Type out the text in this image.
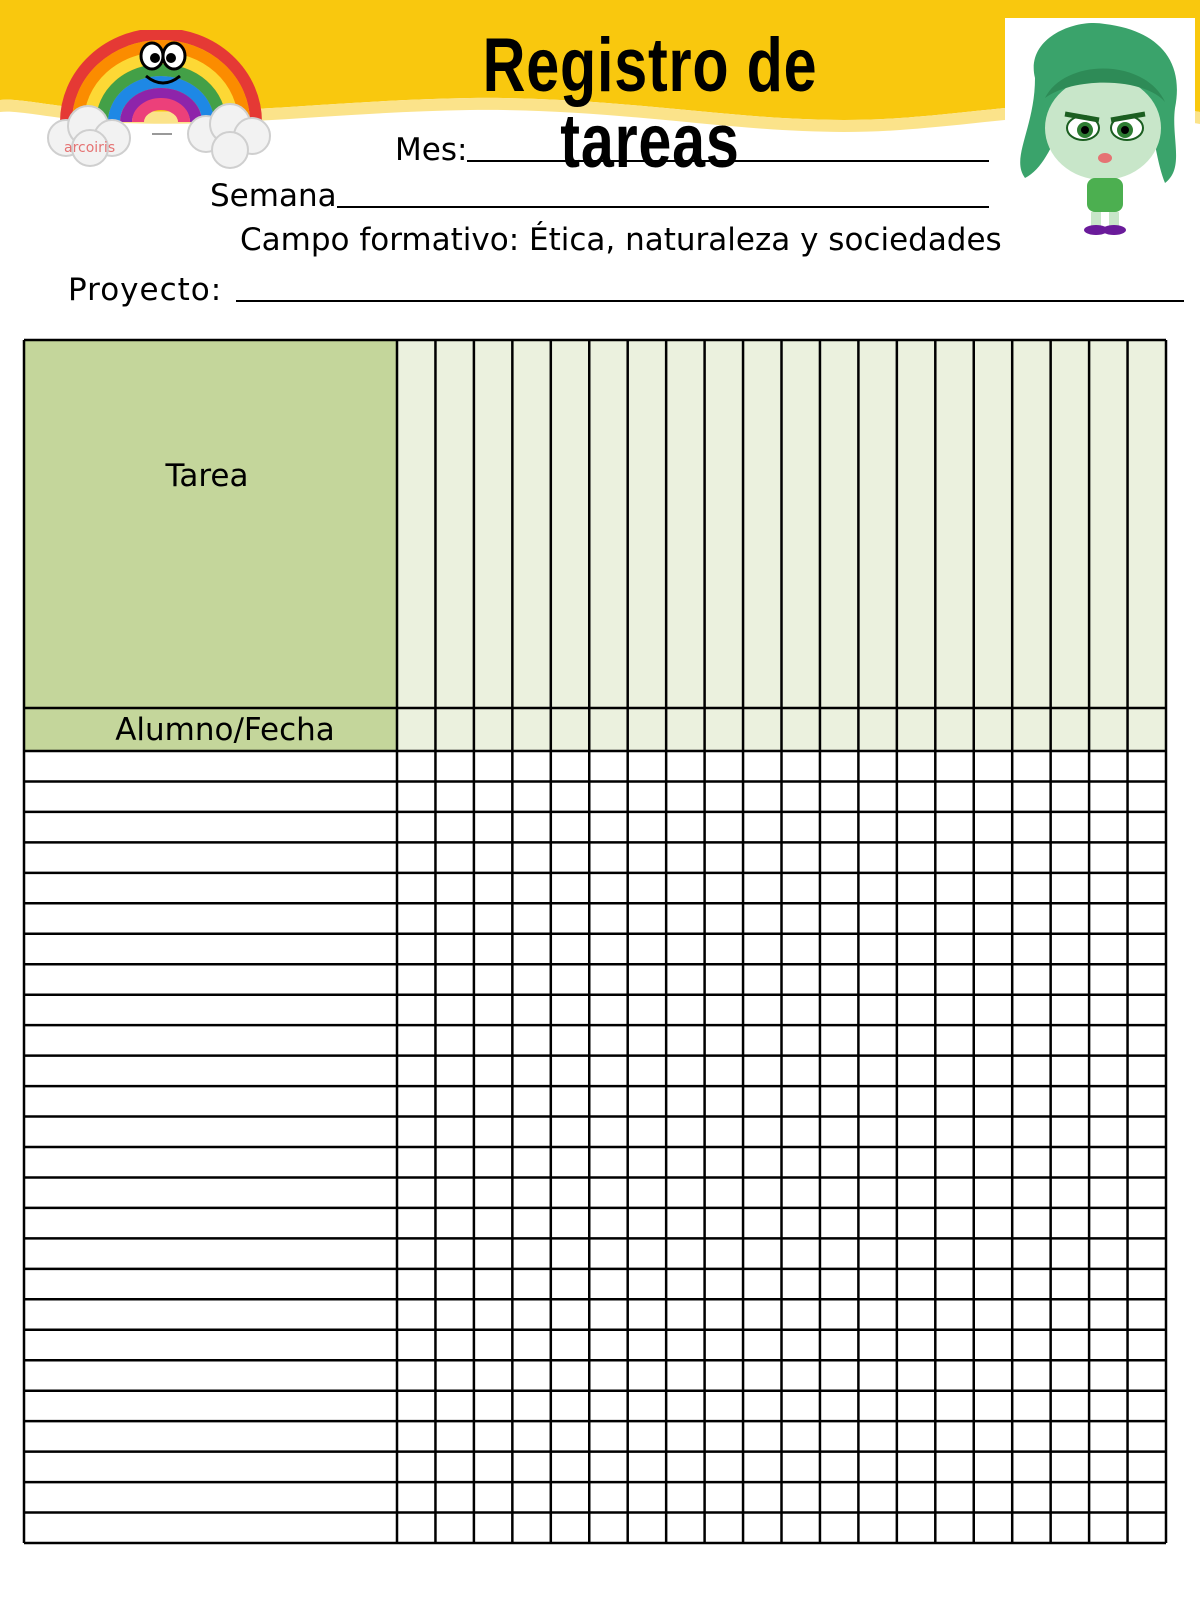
arcoiris
Registro de tareas
Mes:
Semana
Campo formativo: Ética, naturaleza y sociedades
Proyecto:
Tarea
Alumno/Fecha
